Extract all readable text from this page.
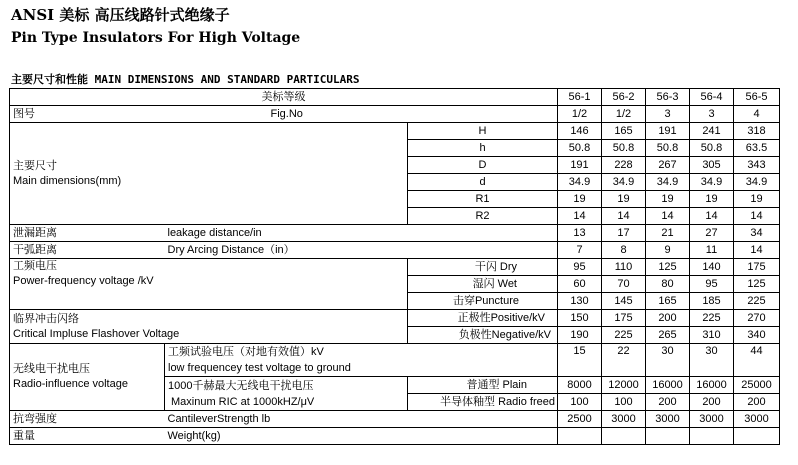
ANSI 美标 高压线路针式绝缘子
Pin Type Insulators For High Voltage
主要尺寸和性能 MAIN DIMENSIONS AND STANDARD PARTICULARS
美标等级			56-1	56-2	56-3	56-4	56-5
图号	Fig.No		1/2	1/2	3	3	4

主要尺寸
Main dimensions(mm)		H	146	165	191	241	318
		h	50.8	50.8	50.8	50.8	63.5
		D	191	228	267	305	343
		d	34.9	34.9	34.9	34.9	34.9
		R1	19	19	19	19	19
		R2	14	14	14	14	14
泄漏距离	leakage distance/in		13	17	21	27	34
干弧距离	Dry Arcing Distance（in）		7	8	9	11	14

工频电压
Power-frequency voltage /kV		干闪 Dry	95	110	125	140	175
		湿闪 Wet	60	70	80	95	125
		击穿Puncture	130	145	165	185	225

临界冲击闪络
Critical Impluse Flashover Voltage		正极性Positive/kV	150	175	200	225	270
		负极性Negative/kV	190	225	265	310	340

无线电干扰电压
Radio-influence voltage	工频试验电压（对地有效值）kV
low frequencey test voltage to ground		15	22	30	30	44

	1000千赫最大无线电干扰电压
Maxinum RIC at 1000kHZ/μV	普通型 Plain	8000	12000	16000	16000	25000
		半导体釉型 Radio freed	100	100	200	200	200
抗弯强度	CantileverStrength lb		2500	3000	3000	3000	3000
重量	Weight(kg)						
